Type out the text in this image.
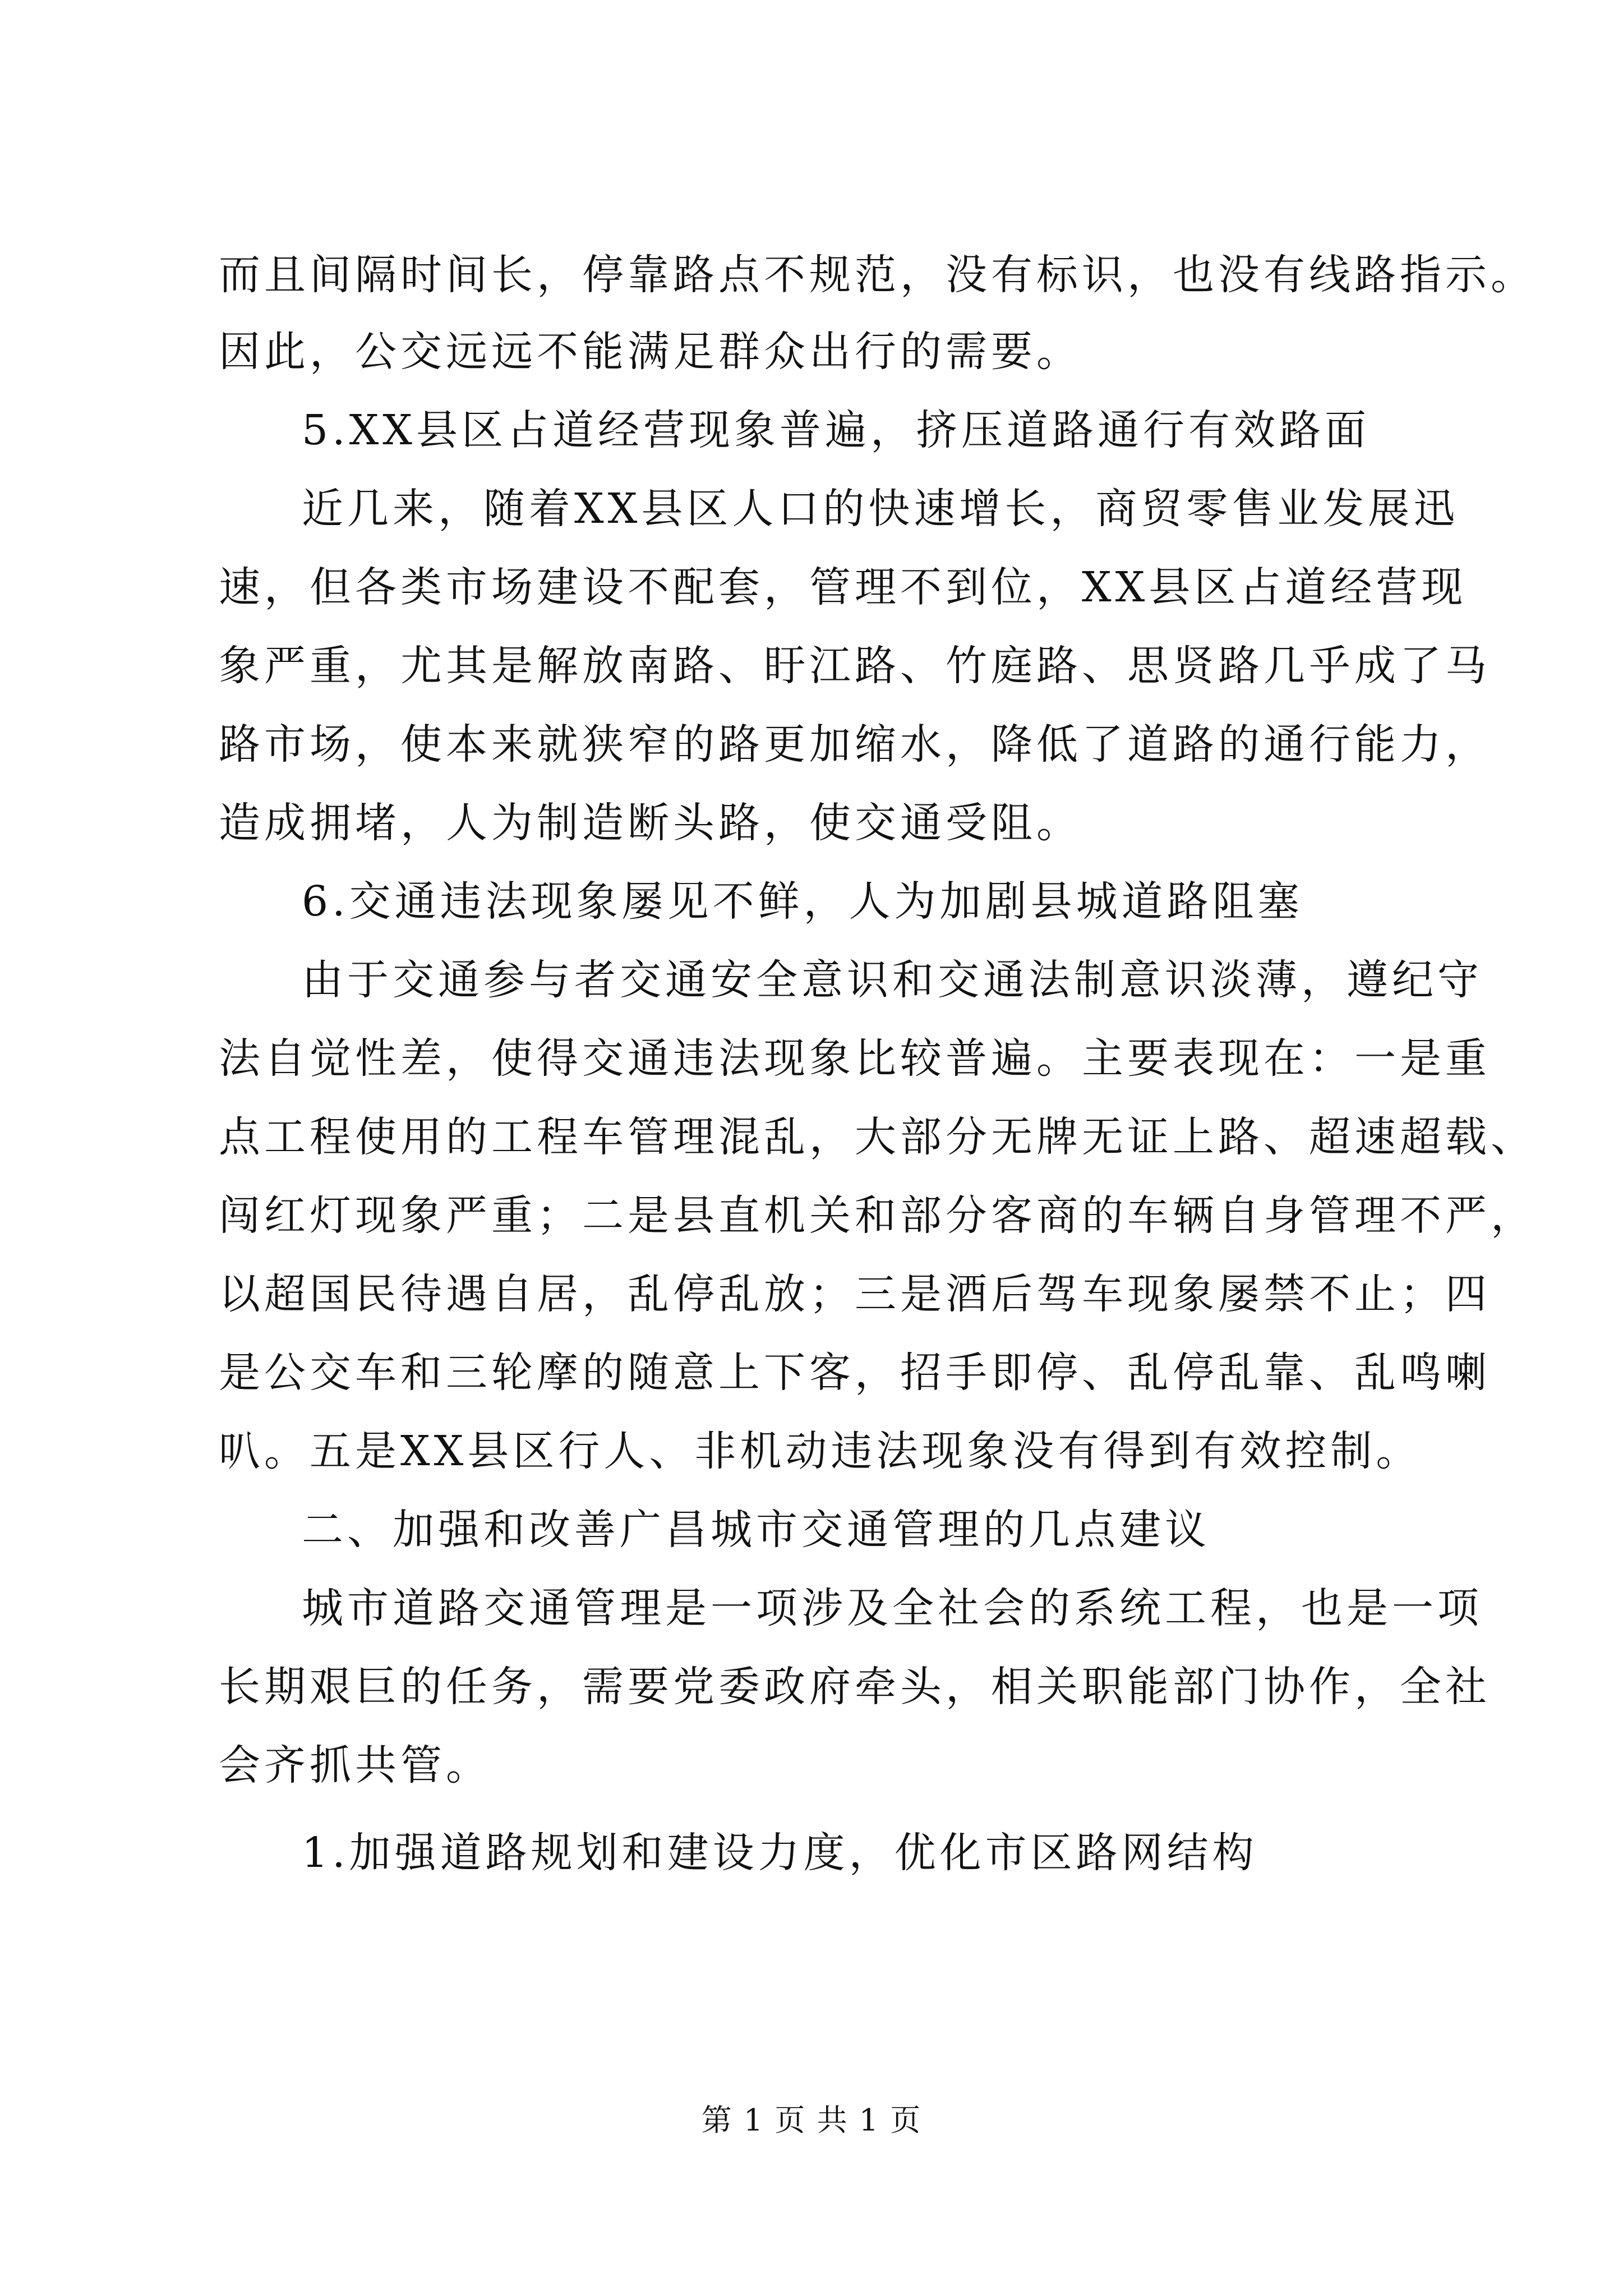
而且间隔时间长，停靠路点不规范，没有标识，也没有线路指示。
因此，公交远远不能满足群众出行的需要。
5.XX县区占道经营现象普遍，挤压道路通行有效路面
近几来，随着XX县区人口的快速增长，商贸零售业发展迅
速，但各类市场建设不配套，管理不到位，XX县区占道经营现
象严重，尤其是解放南路、盱江路、竹庭路、思贤路几乎成了马
路市场，使本来就狭窄的路更加缩水，降低了道路的通行能力，
造成拥堵，人为制造断头路，使交通受阻。
6.交通违法现象屡见不鲜，人为加剧县城道路阻塞
由于交通参与者交通安全意识和交通法制意识淡薄，遵纪守
法自觉性差，使得交通违法现象比较普遍。主要表现在：一是重
点工程使用的工程车管理混乱，大部分无牌无证上路、超速超载、
闯红灯现象严重；二是县直机关和部分客商的车辆自身管理不严，
以超国民待遇自居，乱停乱放；三是酒后驾车现象屡禁不止；四
是公交车和三轮摩的随意上下客，招手即停、乱停乱靠、乱鸣喇
叭。五是XX县区行人、非机动违法现象没有得到有效控制。
二、加强和改善广昌城市交通管理的几点建议
城市道路交通管理是一项涉及全社会的系统工程，也是一项
长期艰巨的任务，需要党委政府牵头，相关职能部门协作，全社
会齐抓共管。
1.加强道路规划和建设力度，优化市区路网结构
第 1 页 共 1 页
